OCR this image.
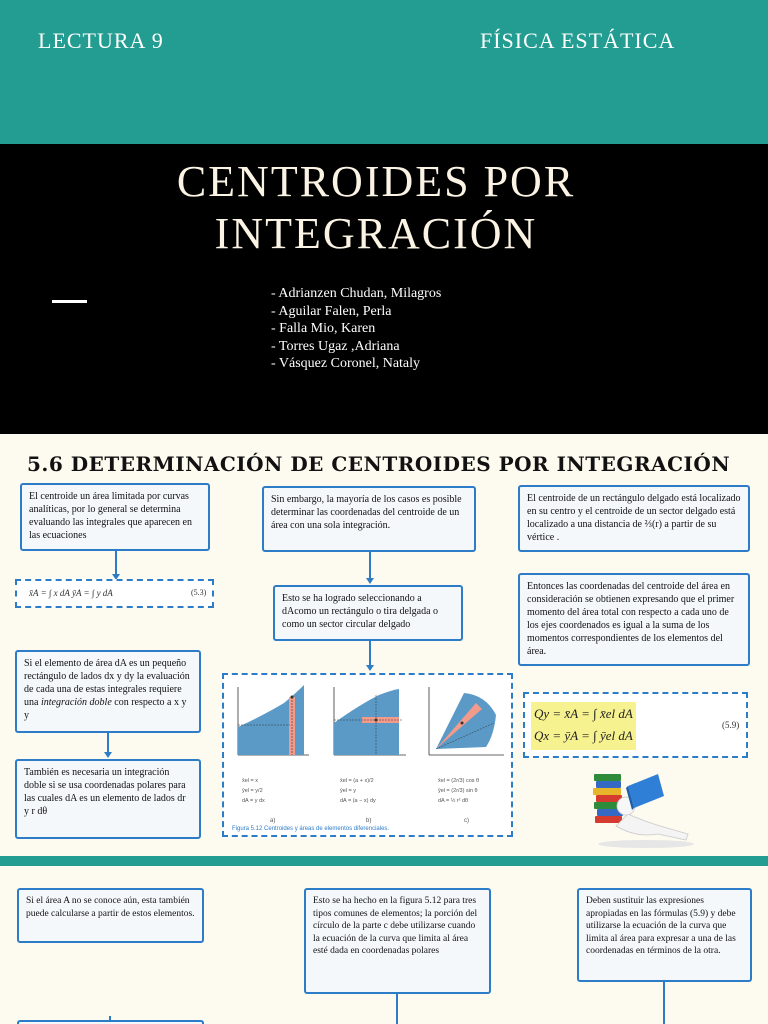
LECTURA 9	FÍSICA ESTÁTICA
CENTROIDES POR
INTEGRACIÓN
- Adrianzen Chudan, Milagros
- Aguilar Falen, Perla
- Falla Mio, Karen
- Torres Ugaz ,Adriana
- Vásquez Coronel, Nataly
5.6 DETERMINACIÓN DE CENTROIDES POR INTEGRACIÓN
El centroide un área limitada por curvas analíticas, por lo general se determina evaluando las integrales que aparecen en las ecuaciones
x̄A = ∫ x dA ȳA = ∫ y dA	(5.3)
Si el elemento de área dA es un pequeño rectángulo de lados dx y dy la evaluación de cada una de estas integrales requiere una integración doble con respecto a x y y
También es necesaria un integración doble si se usa coordenadas polares para las cuales dA es un elemento de lados dr y r dθ
Sin embargo, la mayoría de los casos es posible determinar las coordenadas del centroide de un área con una sola integración.
Esto se ha logrado seleccionando a dAcomo un rectángulo o tira delgada o como un sector circular delgado
x̄el = x
ȳel = y/2
dA = y dx
x̄el = (a + x)/2
ȳel = y
dA = (a − x) dy
x̄el = (2r/3) cos θ
ȳel = (2r/3) sin θ
dA = ½ r² dθ
a)	b)	c)
Figura 5.12 Centroides y áreas de elementos diferenciales.
El centroide de un rectángulo delgado está localizado en su centro y el centroide de un sector delgado está localizado a una distancia de ⅔(r) a partir de su vértice .
Entonces las coordenadas del centroide del área en consideración se obtienen expresando que el primer momento del área total con respecto a cada uno de los ejes coordenados es igual a la suma de los momentos correspondientes de los elementos del área.
Qy = x̄A = ∫ x̄el dA
Qx = ȳA = ∫ ȳel dA
(5.9)
Si el área A no se conoce aún, esta también puede calcularse a partir de estos elementos.
Esto se ha hecho en la figura 5.12 para tres tipos comunes de elementos; la porción del círculo de la parte c debe utilizarse cuando la ecuación de la curva que limita al área esté dada en coordenadas polares
Deben sustituir las expresiones apropiadas en las fórmulas (5.9) y debe utilizarse la ecuación de la curva que limita al área para expresar a una de las coordenadas en términos de la otra.
